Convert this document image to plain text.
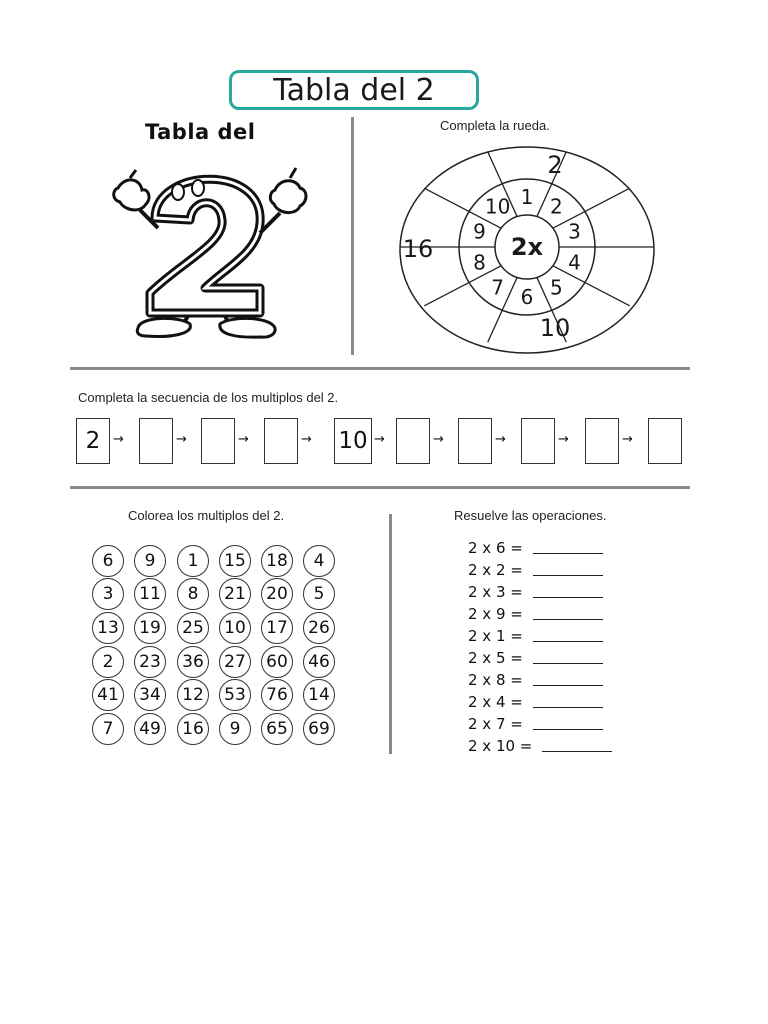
Tabla del 2
Tabla del	Completa la rueda.
2x
1 2
3
4
5
6
7
8
9
10
2
16
10
Completa la secuencia de los multiplos del 2.
2 →	→	→	→ 10 →	→	→	→	→
Colorea los multiplos del 2.
6	9	1	15	18	4
3	11	8	21	20	5
13	19	25	10	17	26
2	23	36	27	60	46
41	34	12	53	76	14
7	49	16	9	65	69
Resuelve las operaciones.
2 x 6 =
2 x 2 =
2 x 3 =
2 x 9 =
2 x 1 =
2 x 5 =
2 x 8 =
2 x 4 =
2 x 7 =
2 x 10 =
